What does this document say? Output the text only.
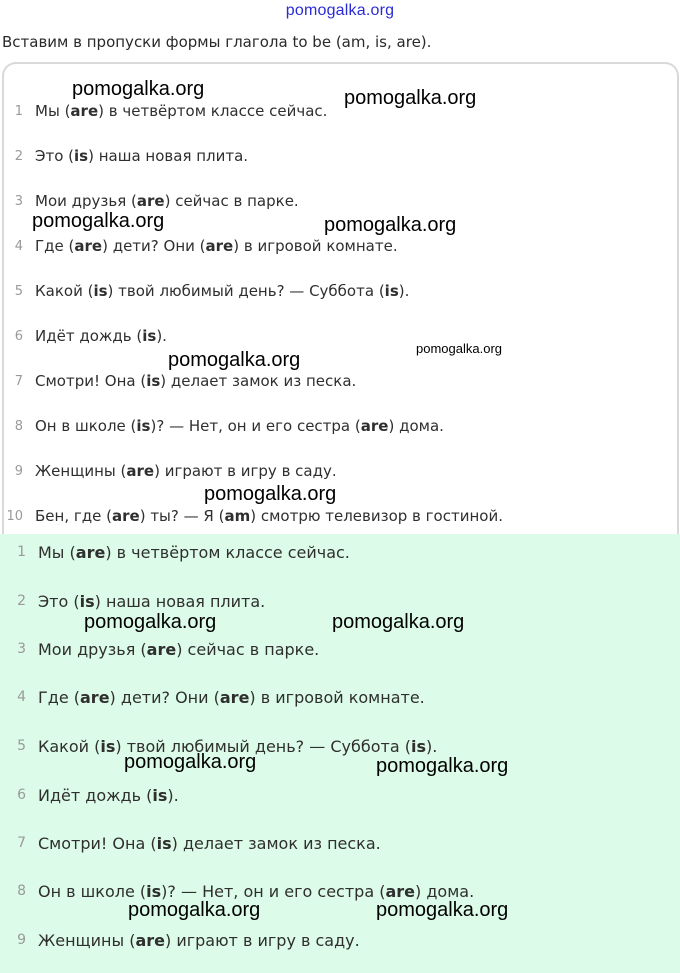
pomogalka.org
Вставим в пропуски формы глагола to be (am, is, are).
1 Мы (are) в четвёртом классе сейчас.
2 Это (is) наша новая плита.
3 Мои друзья (are) сейчас в парке.
4 Где (are) дети? Они (are) в игровой комнате.
5 Какой (is) твой любимый день? — Суббота (is).
6 Идёт дождь (is).
7 Смотри! Она (is) делает замок из песка.
8 Он в школе (is)? — Нет, он и его сестра (are) дома.
9 Женщины (are) играют в игру в саду.
10 Бен, где (are) ты? — Я (am) смотрю телевизор в гостиной.
1 Мы (are) в четвёртом классе сейчас.
2 Это (is) наша новая плита.
3 Мои друзья (are) сейчас в парке.
4 Где (are) дети? Они (are) в игровой комнате.
5 Какой (is) твой любимый день? — Суббота (is).
6 Идёт дождь (is).
7 Смотри! Она (is) делает замок из песка.
8 Он в школе (is)? — Нет, он и его сестра (are) дома.
9 Женщины (are) играют в игру в саду.
pomogalka.org	pomogalka.org
pomogalka.org	pomogalka.org
pomogalka.org
pomogalka.org
pomogalka.org
pomogalka.org	pomogalka.org
pomogalka.org	pomogalka.org
pomogalka.org	pomogalka.org
